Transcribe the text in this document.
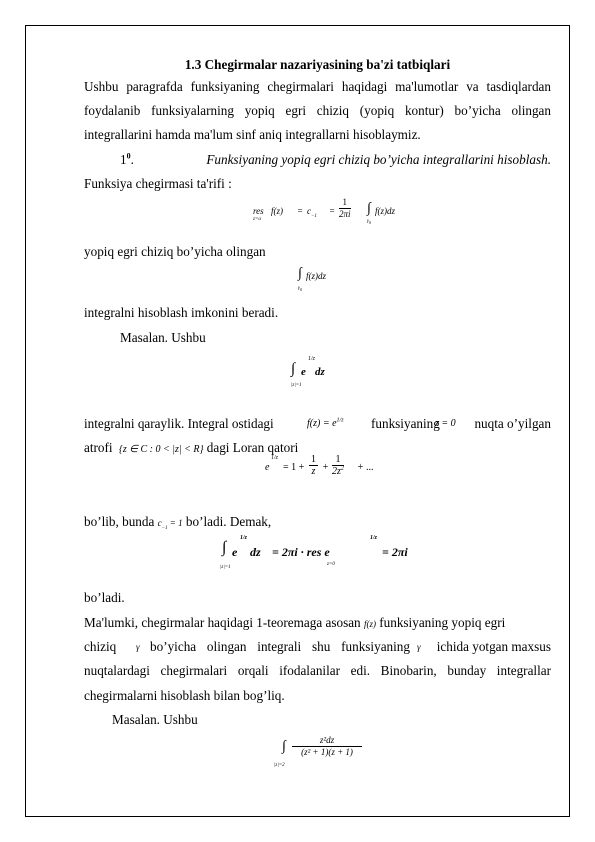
1.3 Chegirmalar nazariyasining ba'zi tatbiqlari
Ushbu paragrafda funksiyaning chegirmalari haqidagi ma'lumotlar va tasdiqlardan
foydalanib funksiyalarning yopiq egri chiziq (yopiq kontur) bo’yicha olingan
integrallarini hamda ma'lum sinf aniq integrallarni hisoblaymiz.
$1^0$.	Funksiyaning yopiq egri chiziq bo’yicha integrallarini hisoblash.
Funksiya chegirmasi ta'rifi :
res
z=a
$f(z) = c_{-1}$
= $\frac{1}{2\pi i}$ ∫
$\gamma_0$
f(z)dz
yopiq egri chiziq bo’yicha olingan
∫
$\gamma_0$
f(z)dz
integralni hisoblash imkonini beradi.
Masalan. Ushbu
∫
|z|=1
e
1/z
dz
integralni qaraylik. Integral ostidagi	$f(z) = e^{1/z}$ funksiyaning
z = 0 nuqta o’yilgan
atrofi {z ∈ C : 0 < |z| < R} dagi Loran qatori
e
1/z
= $1 + \frac{1}{z} + \frac{1}{2z^2}$ + ...
bo’lib, bunda $c_{-1} = 1$ bo’ladi. Demak,
∫
|z|=1
e
1/z
dz = 2πi · res e
z=0
1/z
= 2πi
bo’ladi.
Ma'lumki, chegirmalar haqidagi 1-teoremaga asosan f(z) funksiyaning yopiq egri
chiziq γ bo’yicha olingan integrali shu funksiyaning γ ichida yotgan maxsus
nuqtalardagi chegirmalari orqali ifodalanilar edi. Binobarin, bunday integrallar
chegirmalarni hisoblash bilan bog’liq.
Masalan. Ushbu
∫
|z|=2
$\frac{\text{z²dz}}{\text{(z² + 1)(z + 1)}}$
